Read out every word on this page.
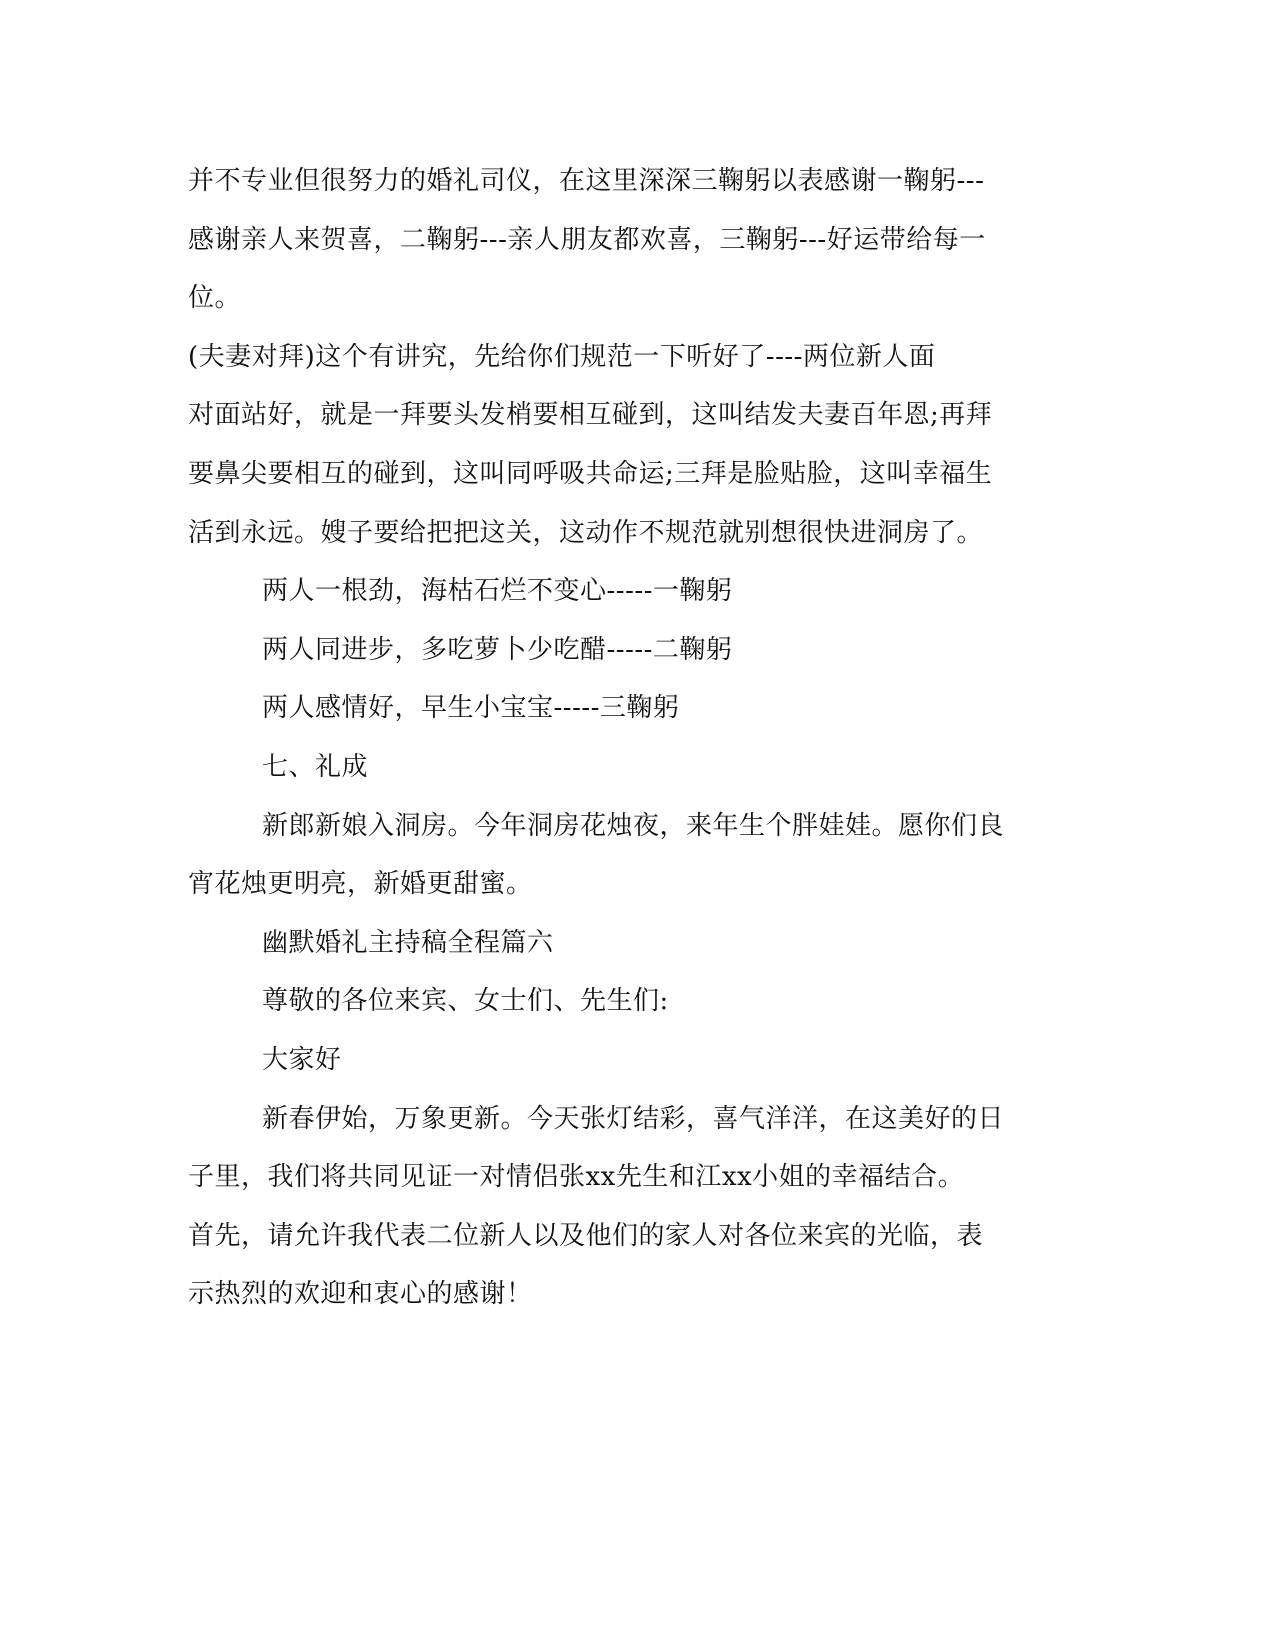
并不专业但很努力的婚礼司仪，在这里深深三鞠躬以表感谢一鞠躬---

感谢亲人来贺喜，二鞠躬---亲人朋友都欢喜，三鞠躬---好运带给每一

位。

(夫妻对拜)这个有讲究，先给你们规范一下听好了----两位新人面

对面站好，就是一拜要头发梢要相互碰到，这叫结发夫妻百年恩;再拜

要鼻尖要相互的碰到，这叫同呼吸共命运;三拜是脸贴脸，这叫幸福生

活到永远。嫂子要给把把这关，这动作不规范就别想很快进洞房了。

两人一根劲，海枯石烂不变心-----一鞠躬

两人同进步，多吃萝卜少吃醋-----二鞠躬

两人感情好，早生小宝宝-----三鞠躬

七、礼成

新郎新娘入洞房。今年洞房花烛夜，来年生个胖娃娃。愿你们良

宵花烛更明亮，新婚更甜蜜。

幽默婚礼主持稿全程篇六

尊敬的各位来宾、女士们、先生们:

大家好

新春伊始，万象更新。今天张灯结彩，喜气洋洋，在这美好的日

子里，我们将共同见证一对情侣张xx先生和江xx小姐的幸福结合。

首先，请允许我代表二位新人以及他们的家人对各位来宾的光临，表

示热烈的欢迎和衷心的感谢！
